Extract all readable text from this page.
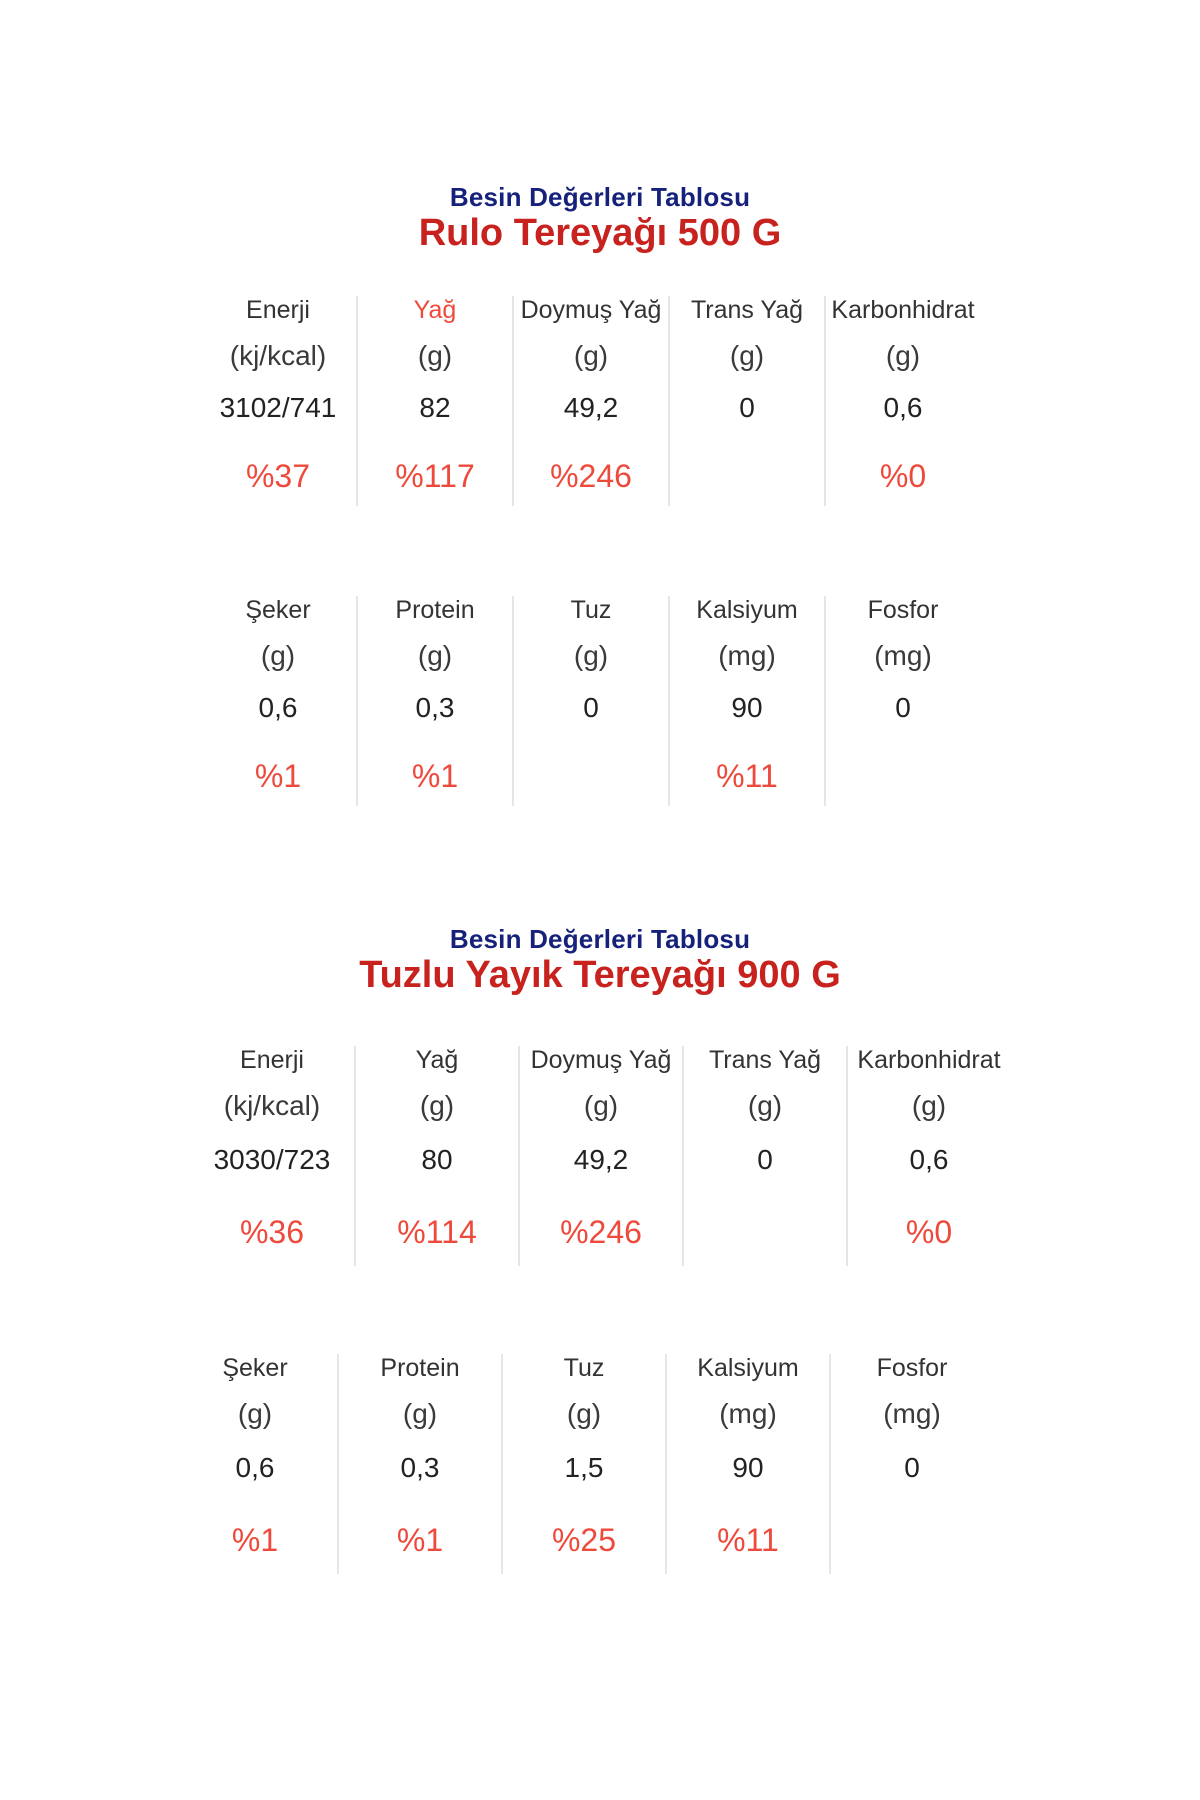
Besin Değerleri Tablosu
Rulo Tereyağı 500 G
Enerji
(kj/kcal)
3102/741
%37
Yağ
(g)
82
%117
Doymuş Yağ
(g)
49,2
%246
Trans Yağ
(g)
0
Karbonhidrat
(g)
0,6
%0
Şeker
(g)
0,6
%1
Protein
(g)
0,3
%1
Tuz
(g)
0
Kalsiyum
(mg)
90
%11
Fosfor
(mg)
0
Besin Değerleri Tablosu
Tuzlu Yayık Tereyağı 900 G
Enerji
(kj/kcal)
3030/723
%36
Yağ
(g)
80
%114
Doymuş Yağ
(g)
49,2
%246
Trans Yağ
(g)
0
Karbonhidrat
(g)
0,6
%0
Şeker
(g)
0,6
%1
Protein
(g)
0,3
%1
Tuz
(g)
1,5
%25
Kalsiyum
(mg)
90
%11
Fosfor
(mg)
0
